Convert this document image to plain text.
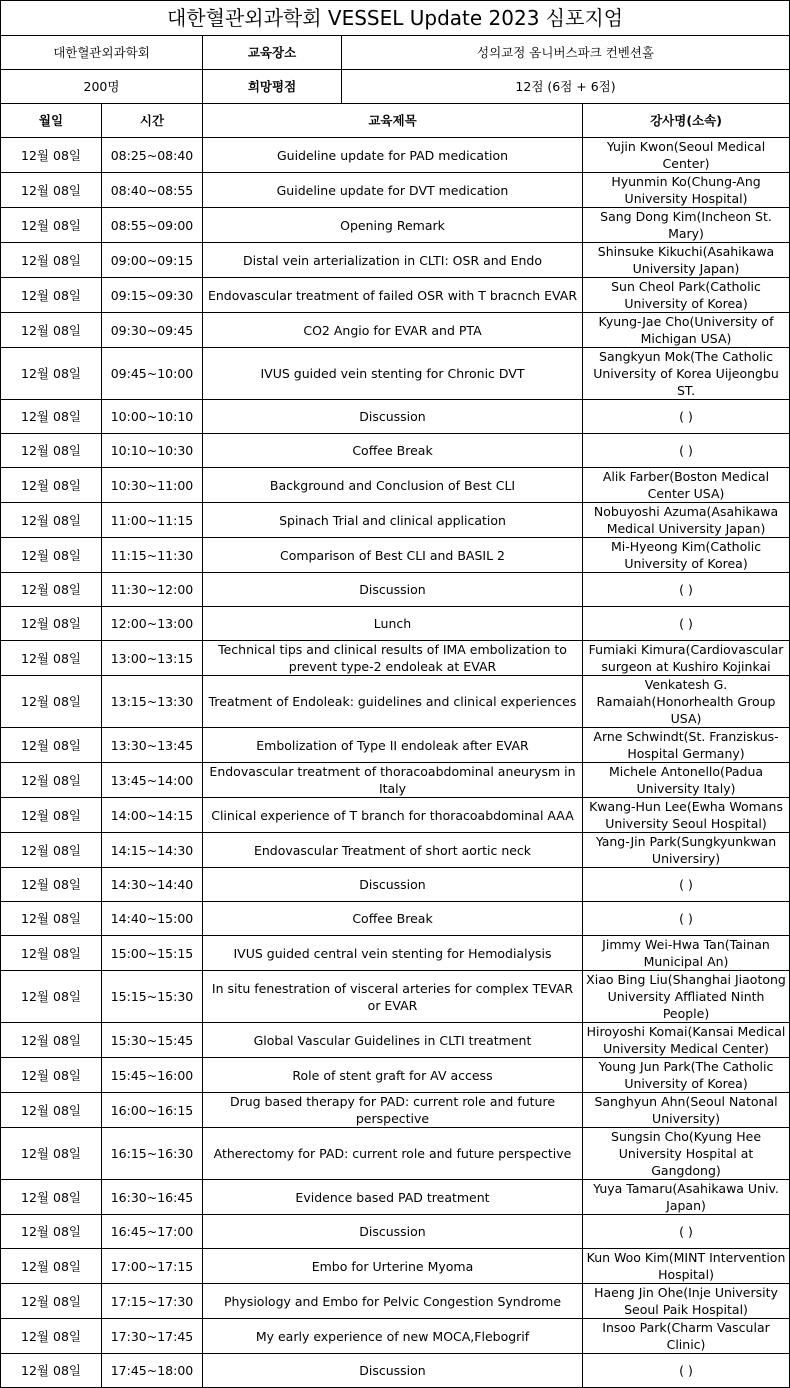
대한혈관외과학회 VESSEL Update 2023 심포지엄				
대한혈관외과학회		교육장소	성의교정 옴니버스파크 컨벤션홀	
200명		희망평점	12점 (6점 + 6점)	
월일	시간	교육제목		강사명(소속)
12월 08일	08:25~08:40	Guideline update for PAD medication		Yujin Kwon(Seoul Medical Center)
12월 08일	08:40~08:55	Guideline update for DVT medication		Hyunmin Ko(Chung-Ang University Hospital)
12월 08일	08:55~09:00	Opening Remark		Sang Dong Kim(Incheon St. Mary)
12월 08일	09:00~09:15	Distal vein arterialization in CLTI: OSR and Endo		Shinsuke Kikuchi(Asahikawa University Japan)
12월 08일	09:15~09:30	Endovascular treatment of failed OSR with T bracnch EVAR		Sun Cheol Park(Catholic University of Korea)
12월 08일	09:30~09:45	CO2 Angio for EVAR and PTA		Kyung-Jae Cho(University of Michigan USA)
12월 08일	09:45~10:00	IVUS guided vein stenting for Chronic DVT		Sangkyun Mok(The Catholic University of Korea Uijeongbu ST.
12월 08일	10:00~10:10	Discussion		( )
12월 08일	10:10~10:30	Coffee Break		( )
12월 08일	10:30~11:00	Background and Conclusion of Best CLI		Alik Farber(Boston Medical Center USA)
12월 08일	11:00~11:15	Spinach Trial and clinical application		Nobuyoshi Azuma(Asahikawa Medical University Japan)
12월 08일	11:15~11:30	Comparison of Best CLI and BASIL 2		Mi-Hyeong Kim(Catholic University of Korea)
12월 08일	11:30~12:00	Discussion		( )
12월 08일	12:00~13:00	Lunch		( )
12월 08일	13:00~13:15	Technical tips and clinical results of IMA embolization to prevent type-2 endoleak at EVAR		Fumiaki Kimura(Cardiovascular surgeon at Kushiro Kojinkai
12월 08일	13:15~13:30	Treatment of Endoleak: guidelines and clinical experiences		Venkatesh G. Ramaiah(Honorhealth Group USA)
12월 08일	13:30~13:45	Embolization of Type II endoleak after EVAR		Arne Schwindt(St. Franziskus-Hospital Germany)
12월 08일	13:45~14:00	Endovascular treatment of thoracoabdominal aneurysm in Italy		Michele Antonello(Padua University Italy)
12월 08일	14:00~14:15	Clinical experience of T branch for thoracoabdominal AAA		Kwang-Hun Lee(Ewha Womans University Seoul Hospital)
12월 08일	14:15~14:30	Endovascular Treatment of short aortic neck		Yang-Jin Park(Sungkyunkwan Universiry)
12월 08일	14:30~14:40	Discussion		( )
12월 08일	14:40~15:00	Coffee Break		( )
12월 08일	15:00~15:15	IVUS guided central vein stenting for Hemodialysis		Jimmy Wei-Hwa Tan(Tainan Municipal An)
12월 08일	15:15~15:30	In situ fenestration of visceral arteries for complex TEVAR or EVAR		Xiao Bing Liu(Shanghai Jiaotong University Affliated Ninth People)
12월 08일	15:30~15:45	Global Vascular Guidelines in CLTI treatment		Hiroyoshi Komai(Kansai Medical University Medical Center)
12월 08일	15:45~16:00	Role of stent graft for AV access		Young Jun Park(The Catholic University of Korea)
12월 08일	16:00~16:15	Drug based therapy for PAD: current role and future perspective		Sanghyun Ahn(Seoul Natonal University)
12월 08일	16:15~16:30	Atherectomy for PAD: current role and future perspective		Sungsin Cho(Kyung Hee University Hospital at Gangdong)
12월 08일	16:30~16:45	Evidence based PAD treatment		Yuya Tamaru(Asahikawa Univ. Japan)
12월 08일	16:45~17:00	Discussion		( )
12월 08일	17:00~17:15	Embo for Urterine Myoma		Kun Woo Kim(MINT Intervention Hospital)
12월 08일	17:15~17:30	Physiology and Embo for Pelvic Congestion Syndrome		Haeng Jin Ohe(Inje University Seoul Paik Hospital)
12월 08일	17:30~17:45	My early experience of new MOCA,Flebogrif		Insoo Park(Charm Vascular Clinic)
12월 08일	17:45~18:00	Discussion		( )
